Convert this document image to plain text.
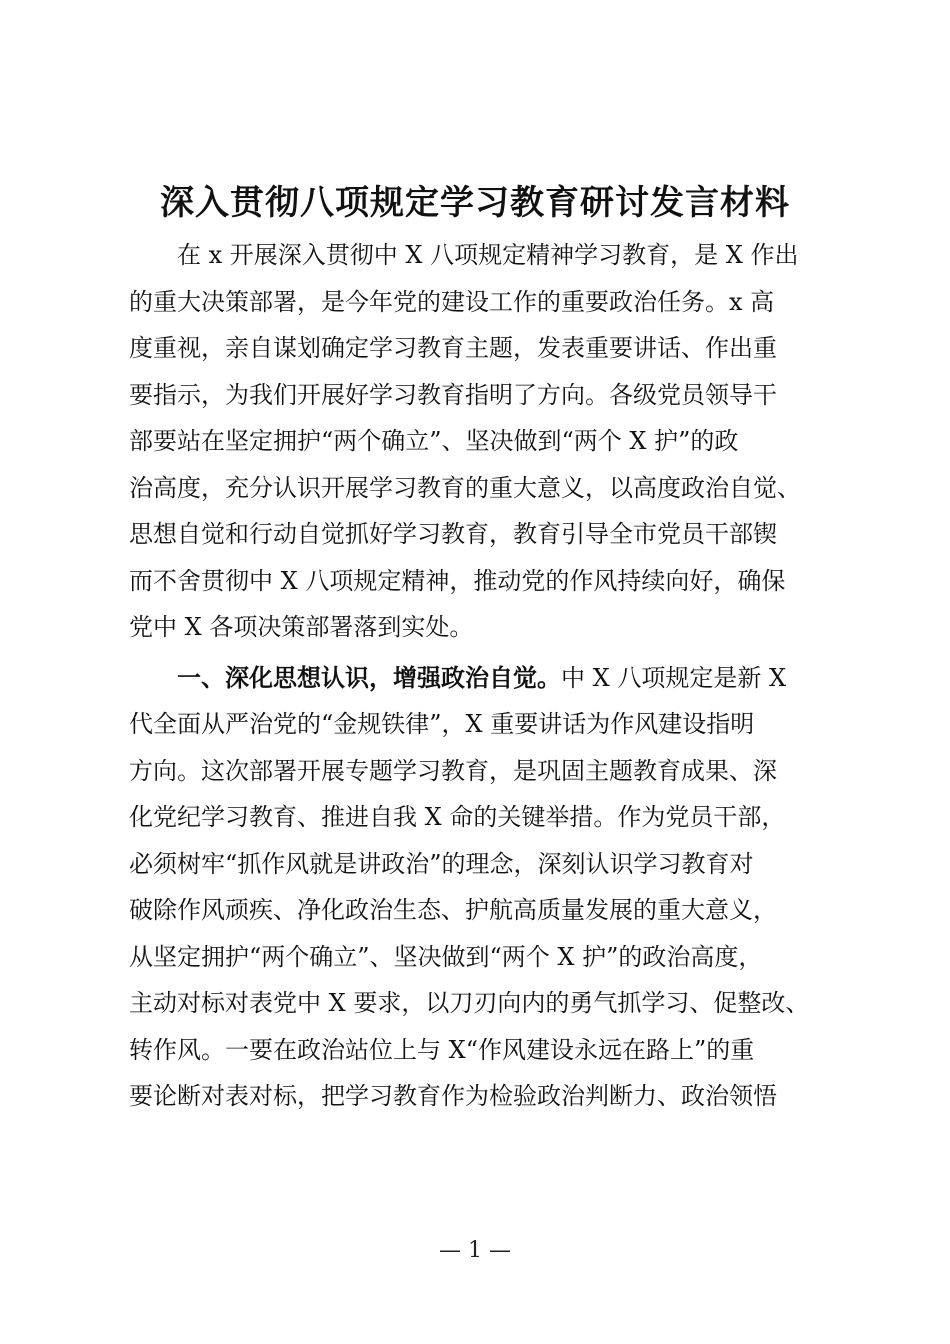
深入贯彻八项规定学习教育研讨发言材料
在 x 开展深入贯彻中 X 八项规定精神学习教育，是 X 作出
的重大决策部署，是今年党的建设工作的重要政治任务。x 高
度重视，亲自谋划确定学习教育主题，发表重要讲话、作出重
要指示，为我们开展好学习教育指明了方向。各级党员领导干
部要站在坚定拥护“两个确立”、坚决做到“两个 X 护”的政
治高度，充分认识开展学习教育的重大意义，以高度政治自觉、
思想自觉和行动自觉抓好学习教育，教育引导全市党员干部锲
而不舍贯彻中 X 八项规定精神，推动党的作风持续向好，确保
党中 X 各项决策部署落到实处。
一、深化思想认识，增强政治自觉。中 X 八项规定是新 X
代全面从严治党的“金规铁律”，X 重要讲话为作风建设指明
方向。这次部署开展专题学习教育，是巩固主题教育成果、深
化党纪学习教育、推进自我 X 命的关键举措。作为党员干部，
必须树牢“抓作风就是讲政治”的理念，深刻认识学习教育对
破除作风顽疾、净化政治生态、护航高质量发展的重大意义，
从坚定拥护“两个确立”、坚决做到“两个 X 护”的政治高度，
主动对标对表党中 X 要求，以刀刃向内的勇气抓学习、促整改、
转作风。一要在政治站位上与 X“作风建设永远在路上”的重
要论断对表对标，把学习教育作为检验政治判断力、政治领悟
— 1 —
